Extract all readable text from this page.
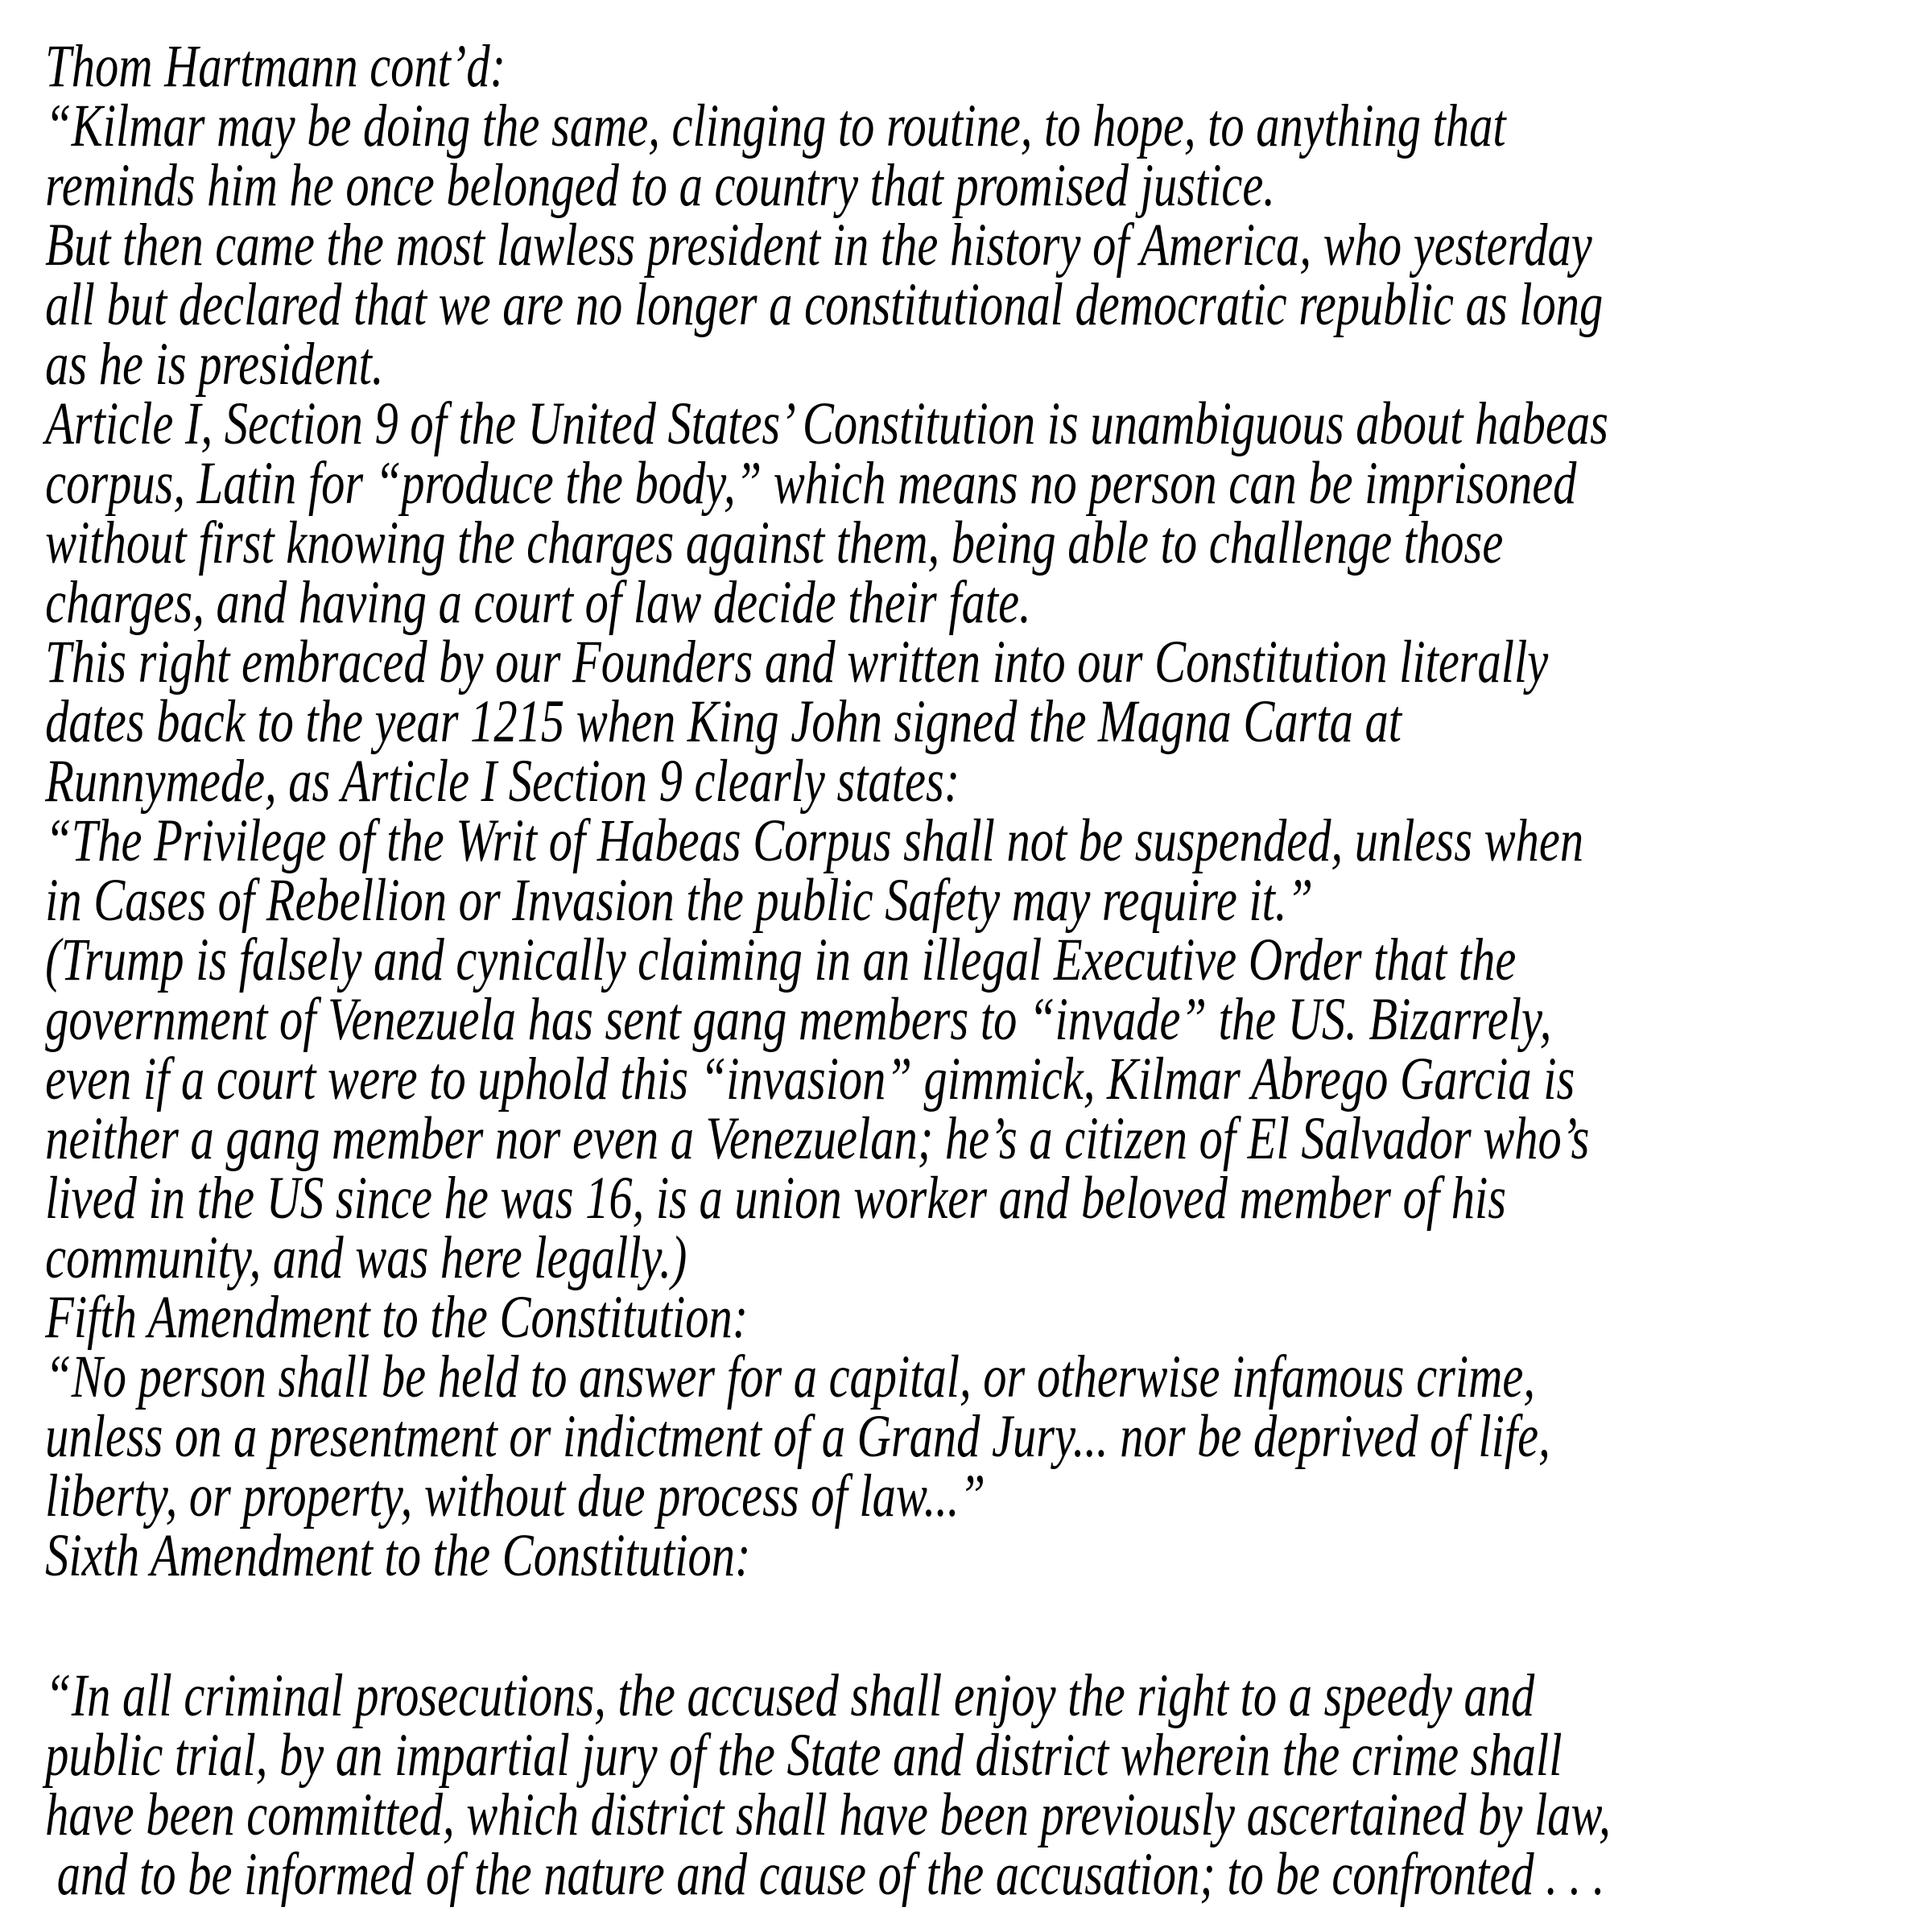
Thom Hartmann cont’d:
“Kilmar may be doing the same, clinging to routine, to hope, to anything that
reminds him he once belonged to a country that promised justice.
But then came the most lawless president in the history of America, who yesterday
all but declared that we are no longer a constitutional democratic republic as long
as he is president.
Article I, Section 9 of the United States’ Constitution is unambiguous about habeas
corpus, Latin for “produce the body,” which means no person can be imprisoned
without first knowing the charges against them, being able to challenge those
charges, and having a court of law decide their fate.
This right embraced by our Founders and written into our Constitution literally
dates back to the year 1215 when King John signed the Magna Carta at
Runnymede, as Article I Section 9 clearly states:
“The Privilege of the Writ of Habeas Corpus shall not be suspended, unless when
in Cases of Rebellion or Invasion the public Safety may require it.”
(Trump is falsely and cynically claiming in an illegal Executive Order that the
government of Venezuela has sent gang members to “invade” the US. Bizarrely,
even if a court were to uphold this “invasion” gimmick, Kilmar Abrego Garcia is
neither a gang member nor even a Venezuelan; he’s a citizen of El Salvador who’s
lived in the US since he was 16, is a union worker and beloved member of his
community, and was here legally.)
Fifth Amendment to the Constitution:
“No person shall be held to answer for a capital, or otherwise infamous crime,
unless on a presentment or indictment of a Grand Jury... nor be deprived of life,
liberty, or property, without due process of law...”
Sixth Amendment to the Constitution:
“In all criminal prosecutions, the accused shall enjoy the right to a speedy and
public trial, by an impartial jury of the State and district wherein the crime shall
have been committed, which district shall have been previously ascertained by law,
and to be informed of the nature and cause of the accusation; to be confronted . . .
